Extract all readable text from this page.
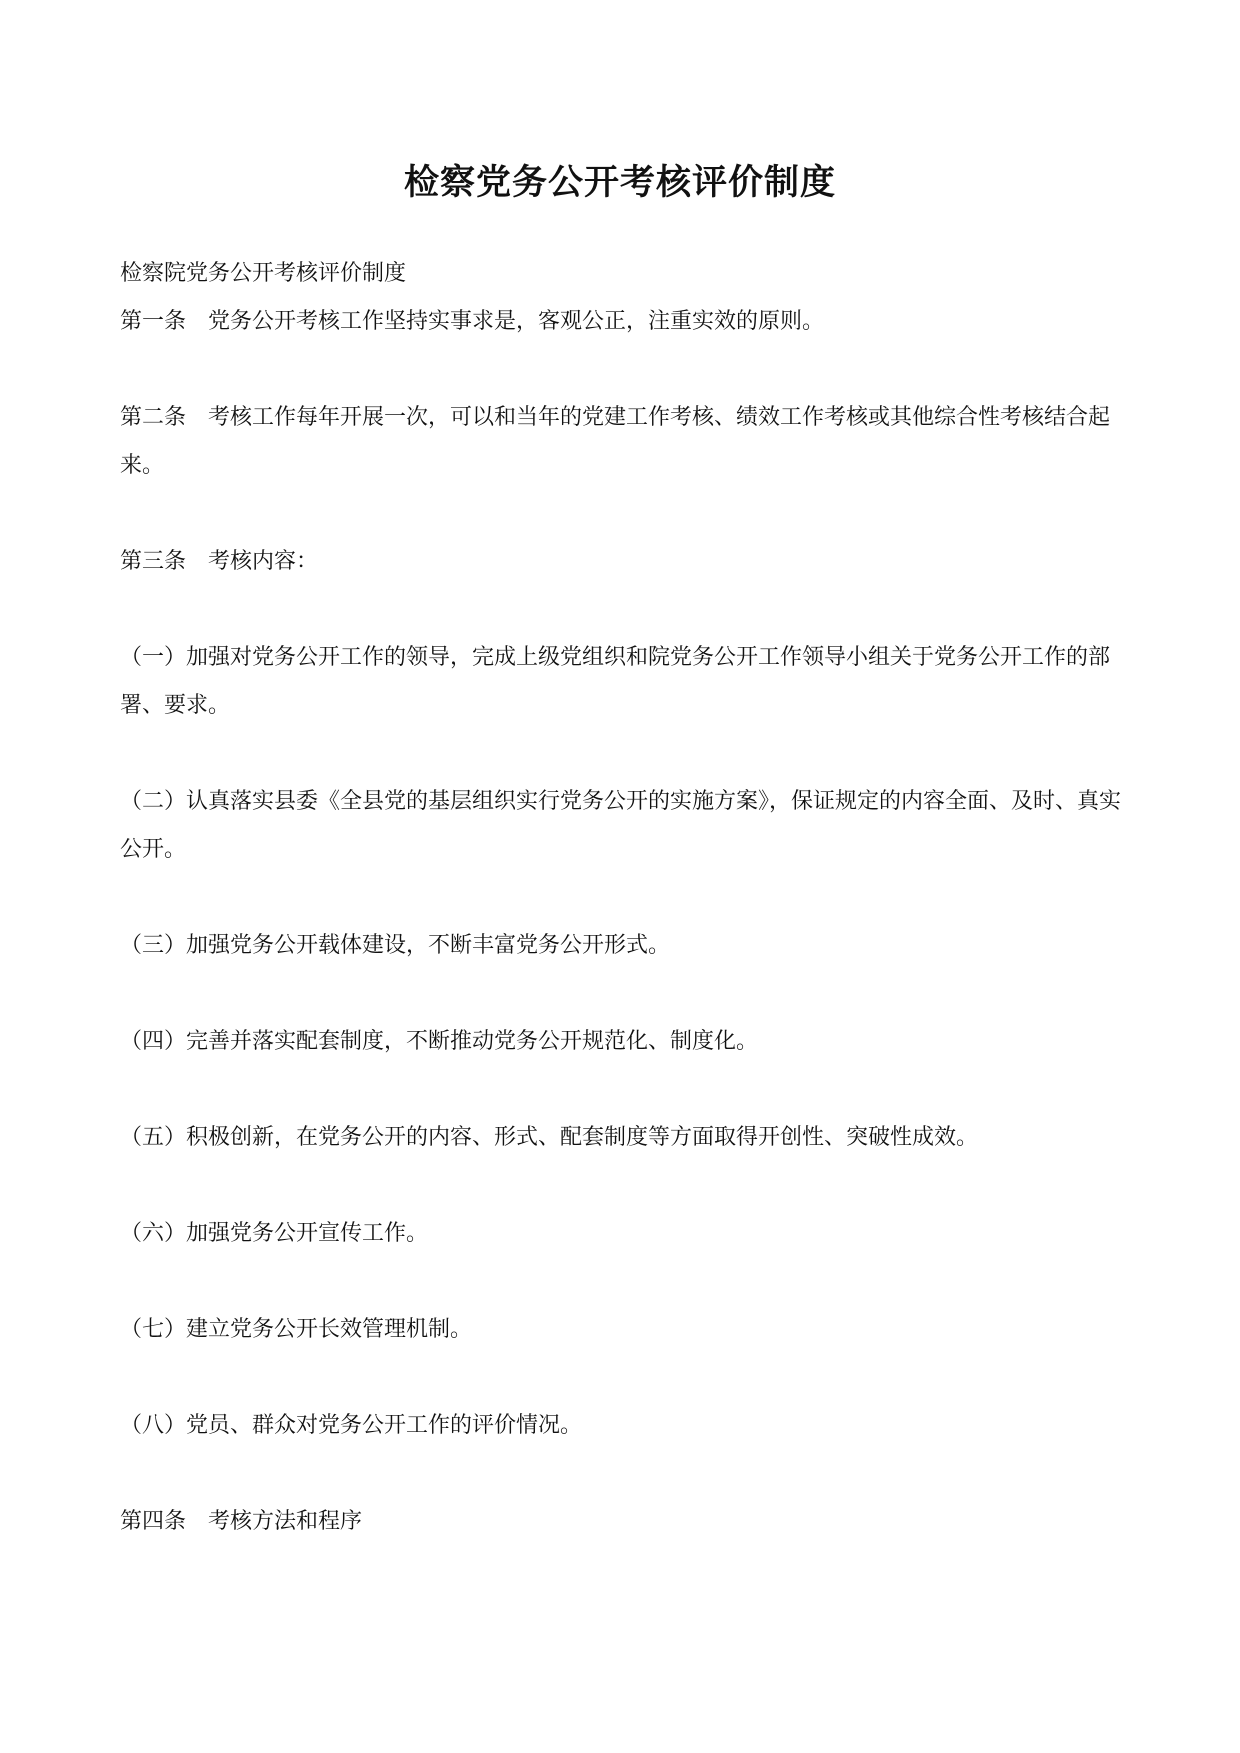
检察党务公开考核评价制度

检察院党务公开考核评价制度

第一条　党务公开考核工作坚持实事求是，客观公正，注重实效的原则。

第二条　考核工作每年开展一次，可以和当年的党建工作考核、绩效工作考核或其他综合性考核结合起来。

第三条　考核内容：

（一）加强对党务公开工作的领导，完成上级党组织和院党务公开工作领导小组关于党务公开工作的部署、要求。

（二）认真落实县委《全县党的基层组织实行党务公开的实施方案》，保证规定的内容全面、及时、真实公开。

（三）加强党务公开载体建设，不断丰富党务公开形式。

（四）完善并落实配套制度，不断推动党务公开规范化、制度化。

（五）积极创新，在党务公开的内容、形式、配套制度等方面取得开创性、突破性成效。

（六）加强党务公开宣传工作。

（七）建立党务公开长效管理机制。

（八）党员、群众对党务公开工作的评价情况。

第四条　考核方法和程序
